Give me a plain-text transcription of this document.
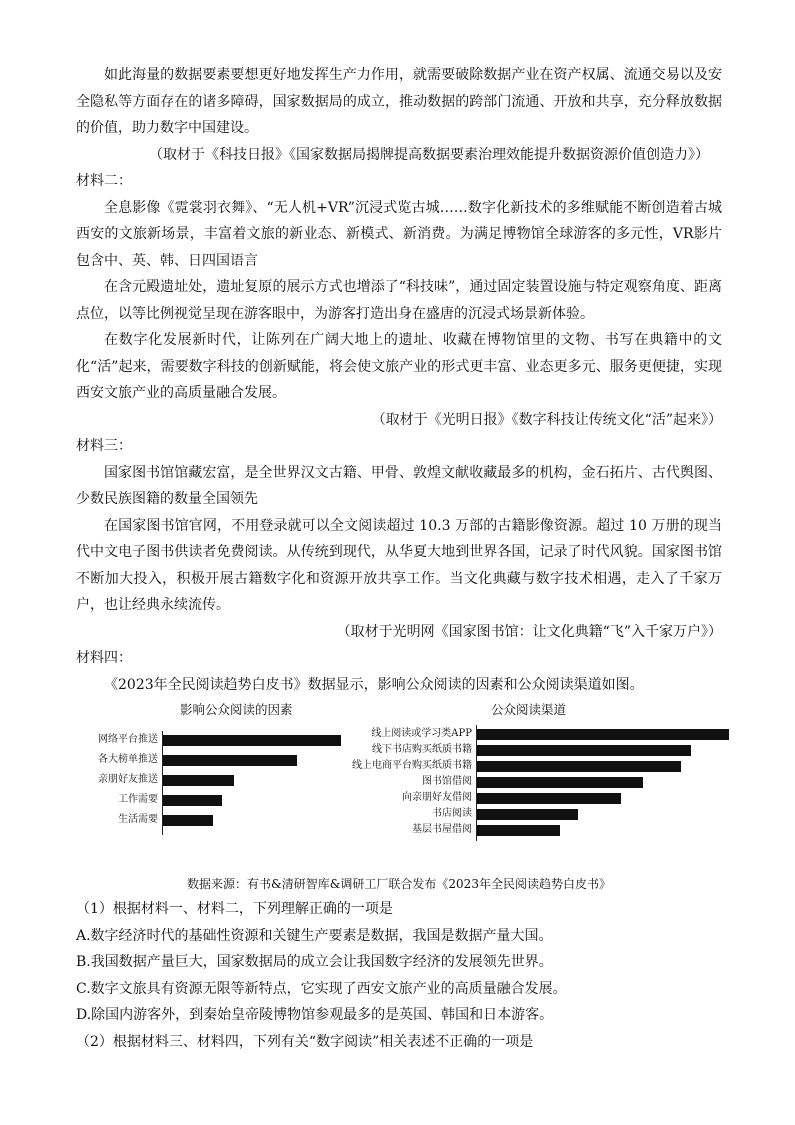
如此海量的数据要素要想更好地发挥生产力作用，就需要破除数据产业在资产权属、流通交易以及安全隐私等方面存在的诸多障碍，国家数据局的成立，推动数据的跨部门流通、开放和共享，充分释放数据的价值，助力数字中国建设。

（取材于《科技日报》《国家数据局揭牌提高数据要素治理效能提升数据资源价值创造力》）

材料二：

全息影像《霓裳羽衣舞》、“无人机+VR”沉浸式览古城……数字化新技术的多维赋能不断创造着古城西安的文旅新场景，丰富着文旅的新业态、新模式、新消费。为满足博物馆全球游客的多元性，VR影片包含中、英、韩、日四国语言

在含元殿遗址处，遗址复原的展示方式也增添了“科技味”，通过固定装置设施与特定观察角度、距离点位，以等比例视觉呈现在游客眼中，为游客打造出身在盛唐的沉浸式场景新体验。

在数字化发展新时代，让陈列在广阔大地上的遗址、收藏在博物馆里的文物、书写在典籍中的文化“活”起来，需要数字科技的创新赋能，将会使文旅产业的形式更丰富、业态更多元、服务更便捷，实现西安文旅产业的高质量融合发展。

（取材于《光明日报》《数字科技让传统文化“活”起来》）

材料三：

国家图书馆馆藏宏富，是全世界汉文古籍、甲骨、敦煌文献收藏最多的机构，金石拓片、古代舆图、少数民族图籍的数量全国领先

在国家图书馆官网，不用登录就可以全文阅读超过 10.3 万部的古籍影像资源。超过 10 万册的现当代中文电子图书供读者免费阅读。从传统到现代，从华夏大地到世界各国，记录了时代风貌。国家图书馆不断加大投入，积极开展古籍数字化和资源开放共享工作。当文化典藏与数字技术相遇，走入了千家万户，也让经典永续流传。

（取材于光明网《国家图书馆：让文化典籍“飞”入千家万户》）

材料四：

《2023年全民阅读趋势白皮书》数据显示，影响公众阅读的因素和公众阅读渠道如图。

影响公众阅读的因素
网络平台推送
各大榜单推送
亲朋好友推送
工作需要
生活需要
公众阅读渠道
线上阅读或学习类APP
线下书店购买纸质书籍
线上电商平台购买纸质书籍
图书馆借阅
向亲朋好友借阅
书店阅读
基层书屋借阅

数据来源：有书&清研智库&调研工厂联合发布《2023年全民阅读趋势白皮书》

（1）根据材料一、材料二，下列理解正确的一项是

A.数字经济时代的基础性资源和关键生产要素是数据，我国是数据产量大国。

B.我国数据产量巨大，国家数据局的成立会让我国数字经济的发展领先世界。

C.数字文旅具有资源无限等新特点，它实现了西安文旅产业的高质量融合发展。

D.除国内游客外，到秦始皇帝陵博物馆参观最多的是英国、韩国和日本游客。

（2）根据材料三、材料四，下列有关“数字阅读”相关表述不正确的一项是
